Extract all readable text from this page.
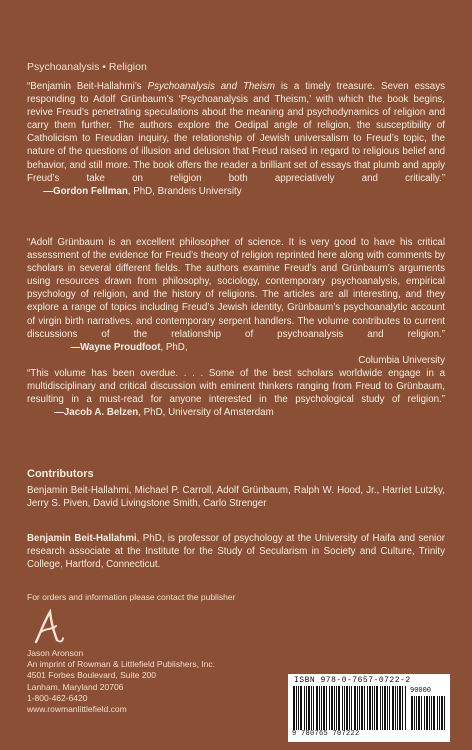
Psychoanalysis • Religion
“Benjamin Beit-Hallahmi’s Psychoanalysis and Theism is a timely treasure. Seven essays responding to Adolf Grünbaum’s ‘Psychoanalysis and Theism,’ with which the book begins, revive Freud’s penetrating speculations about the meaning and psychodynamics of religion and carry them further. The authors explore the Oedipal angle of religion, the susceptibility of Catholicism to Freudian inquiry, the relationship of Jewish universalism to Freud’s topic, the nature of the questions of illusion and delusion that Freud raised in regard to religious belief and behavior, and still more. The book offers the reader a brilliant set of essays that plumb and apply Freud’s take on religion both appreciatively and critically.”       —Gordon Fellman, PhD, Brandeis University
“Adolf Grünbaum is an excellent philosopher of science. It is very good to have his critical assessment of the evidence for Freud’s theory of religion reprinted here along with comments by scholars in several different fields. The authors examine Freud’s and Grünbaum’s arguments using resources drawn from philosophy, sociology, contemporary psychoanalysis, empirical psychology of religion, and the history of religions. The articles are all interesting, and they explore a range of topics including Freud’s Jewish identity, Grünbaum’s psychoanalytic account of virgin birth narratives, and contemporary serpent handlers. The volume contributes to current discussions of the relationship of psychoanalysis and religion.”                 —Wayne Proudfoot, PhD,
Columbia University
“This volume has been overdue. . . . Some of the best scholars worldwide engage in a multidisciplinary and critical discussion with eminent thinkers ranging from Freud to Grünbaum, resulting in a must-read for anyone interested in the psychological study of religion.”           —Jacob A. Belzen, PhD, University of Amsterdam
Contributors
Benjamin Beit-Hallahmi, Michael P. Carroll, Adolf Grünbaum, Ralph W. Hood, Jr., Harriet Lutzky, Jerry S. Piven, David Livingstone Smith, Carlo Strenger
Benjamin Beit-Hallahmi, PhD, is professor of psychology at the University of Haifa and senior research associate at the Institute for the Study of Secularism in Society and Culture, Trinity College, Hartford, Connecticut.
For orders and information please contact the publisher
Jason Aronson
An imprint of Rowman & Littlefield Publishers, Inc.
4501 Forbes Boulevard, Suite 200
Lanham, Maryland 20706
1-800-462-6420
www.rowmanlittlefield.com
ISBN 978-0-7657-0722-2
90000
9 780765 707222
